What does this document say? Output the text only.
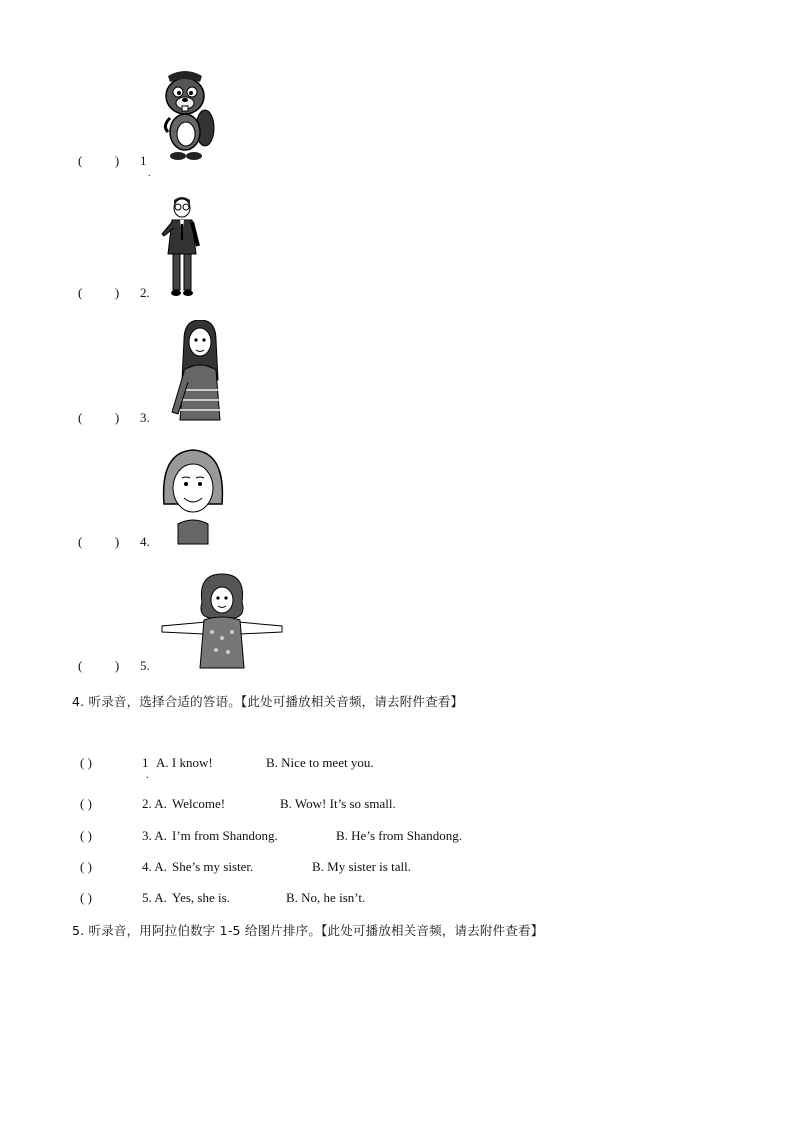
(          ) 1
.
(          ) 2.
(          ) 3.
(          ) 4.
(          ) 5.
4. 听录音，选择合适的答语。【此处可播放相关音频，请去附件查看】
( )	1 A. I know!	B. Nice to meet you.
.
( )	2. A. Welcome!	B. Wow! It’s so small.
( )	3. A. I’m from Shandong.	B. He’s from Shandong.
( )	4. A. She’s my sister.	B. My sister is tall.
( )	5. A. Yes, she is.	B. No, he isn’t.
5. 听录音，用阿拉伯数字 1-5 给图片排序。【此处可播放相关音频，请去附件查看】
